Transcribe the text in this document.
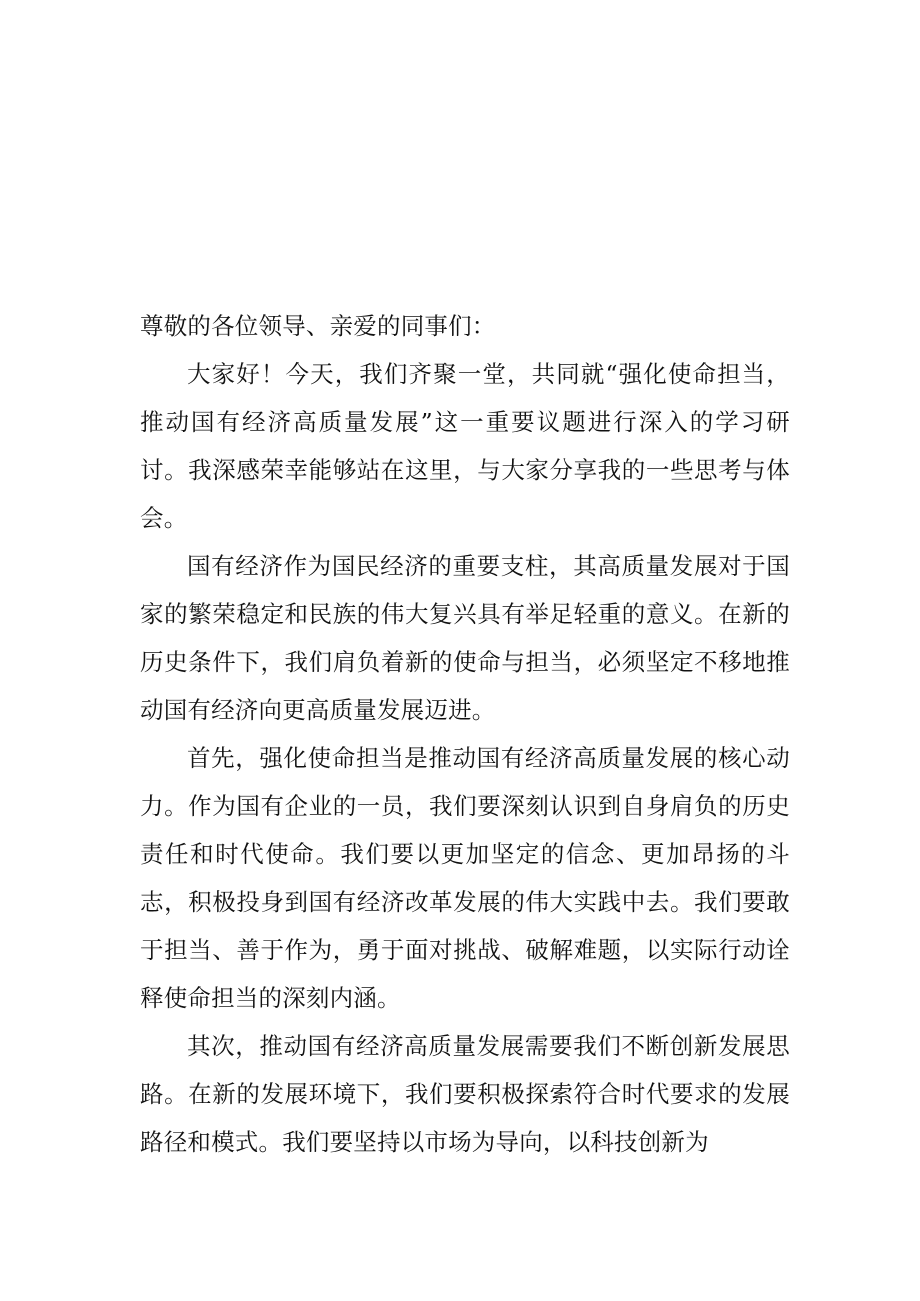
尊敬的各位领导、亲爱的同事们：

大家好！今天，我们齐聚一堂，共同就“强化使命担当，推动国有经济高质量发展”这一重要议题进行深入的学习研讨。我深感荣幸能够站在这里，与大家分享我的一些思考与体会。

国有经济作为国民经济的重要支柱，其高质量发展对于国家的繁荣稳定和民族的伟大复兴具有举足轻重的意义。在新的历史条件下，我们肩负着新的使命与担当，必须坚定不移地推动国有经济向更高质量发展迈进。

首先，强化使命担当是推动国有经济高质量发展的核心动力。作为国有企业的一员，我们要深刻认识到自身肩负的历史责任和时代使命。我们要以更加坚定的信念、更加昂扬的斗志，积极投身到国有经济改革发展的伟大实践中去。我们要敢于担当、善于作为，勇于面对挑战、破解难题，以实际行动诠释使命担当的深刻内涵。

其次，推动国有经济高质量发展需要我们不断创新发展思路。在新的发展环境下，我们要积极探索符合时代要求的发展路径和模式。我们要坚持以市场为导向，以科技创新为
